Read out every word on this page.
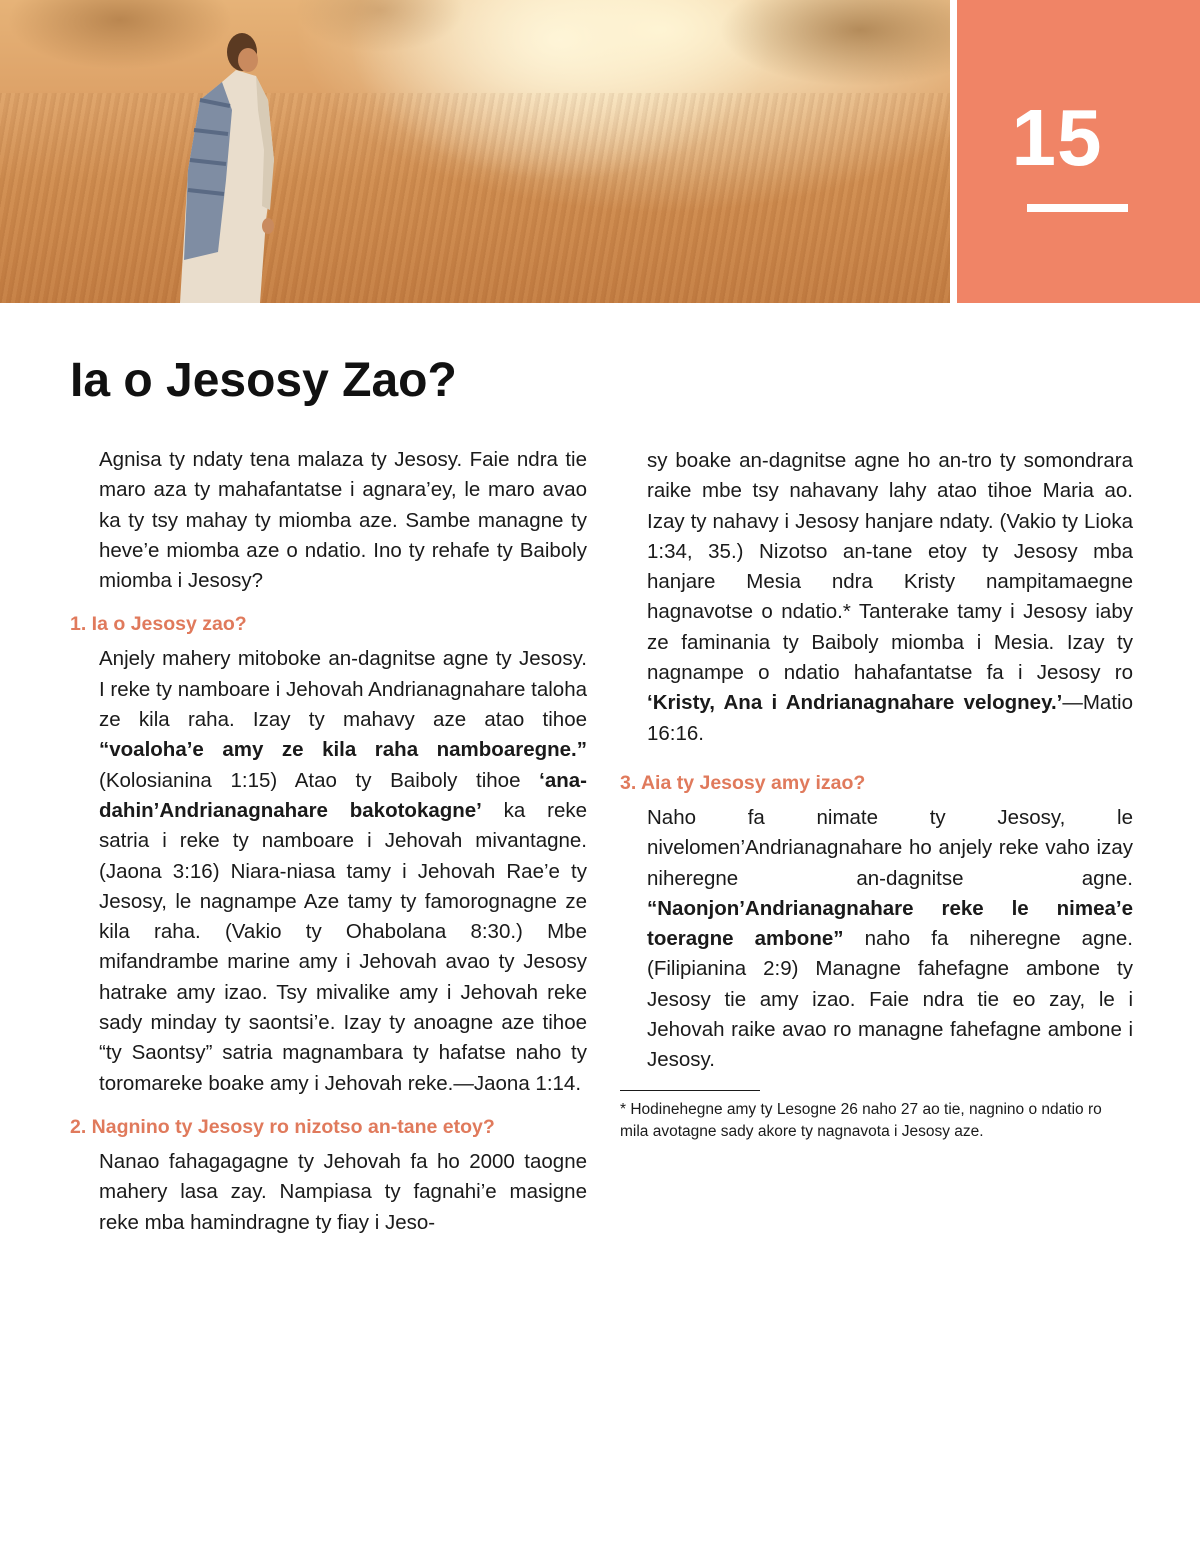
15
Ia o Jesosy Zao?

Agnisa ty ndaty tena malaza ty Jesosy. Faie ndra tie maro aza ty mahafantatse i agnara’ey, le maro avao ka ty tsy mahay ty miomba aze. Sambe managne ty heve’e miomba aze o ndatio. Ino ty rehafe ty Baiboly miomba i Jesosy?

1. Ia o Jesosy zao?

Anjely mahery mitoboke an-dagnitse agne ty Jesosy. I reke ty namboare i Jehovah Andrianagnahare taloha ze kila raha. Izay ty mahavy aze atao tihoe “voaloha’e amy ze kila raha namboaregne.” (Kolosianina 1:15) Atao ty Baiboly tihoe ‘ana-dahin’Andrianagnahare bakotokagne’ ka reke satria i reke ty namboare i Jehovah mivantagne. (Jaona 3:16) Niara-niasa tamy i Jehovah Rae’e ty Jesosy, le nagnampe Aze tamy ty famorognagne ze kila raha. (Vakio ty Ohabolana 8:30.) Mbe mifandrambe marine amy i Jehovah avao ty Jesosy hatrake amy izao. Tsy mivalike amy i Jehovah reke sady minday ty saontsi’e. Izay ty anoagne aze tihoe “ty Saontsy” satria magnambara ty hafatse naho ty toromareke boake amy i Jehovah reke.—Jaona 1:14.

2. Nagnino ty Jesosy ro nizotso an-tane etoy?

Nanao fahagagagne ty Jehovah fa ho 2000 taogne mahery lasa zay. Nampiasa ty fagnahi’e masigne reke mba hamindragne ty fiay i Jeso-

sy boake an-dagnitse agne ho an-tro ty somondrara raike mbe tsy nahavany lahy atao tihoe Maria ao. Izay ty nahavy i Jesosy hanjare ndaty. (Vakio ty Lioka 1:34, 35.) Nizotso an-tane etoy ty Jesosy mba hanjare Mesia ndra Kristy nampitamaegne hagnavotse o ndatio.* Tanterake tamy i Jesosy iaby ze faminania ty Baiboly miomba i Mesia. Izay ty nagnampe o ndatio hahafantatse fa i Jesosy ro ‘Kristy, Ana i Andrianagnahare velogney.’—Matio 16:16.

3. Aia ty Jesosy amy izao?

Naho fa nimate ty Jesosy, le nivelomen’Andrianagnahare ho anjely reke vaho izay niheregne an-dagnitse agne. “Naonjon’Andrianagnahare reke le nimea’e toeragne ambone” naho fa niheregne agne. (Filipianina 2:9) Managne fahefagne ambone ty Jesosy tie amy izao. Faie ndra tie eo zay, le i Jehovah raike avao ro managne fahefagne ambone i Jesosy.

* Hodinehegne amy ty Lesogne 26 naho 27 ao tie, nagnino o ndatio ro mila avotagne sady akore ty nagnavota i Jesosy aze.
